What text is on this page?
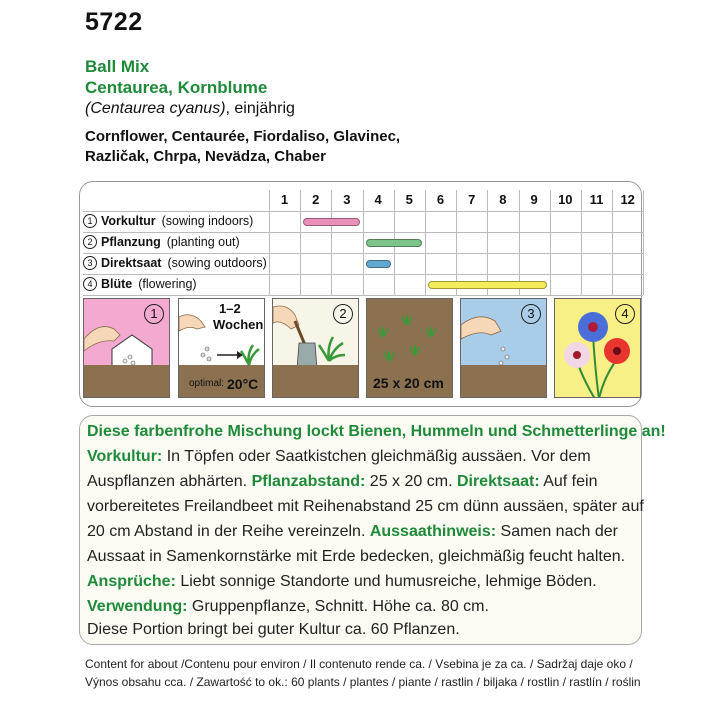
5722
Ball Mix
Centaurea, Kornblume
(Centaurea cyanus), einjährig
Cornflower, Centaurée, Fiordaliso, Glavinec,
Različak, Chrpa, Nevädza, Chaber
1	2	3	4	5	6	7	8	9	10	11	12
1 Vorkultur (sowing indoors)
2 Pflanzung (planting out)
3 Direktsaat (sowing outdoors)
4 Blüte (flowering)
1	1–2
Wochen
optimal: 20°C
2
25 x 20 cm
3	4
Diese farbenfrohe Mischung lockt Bienen, Hummeln und Schmetterlinge an!
Vorkultur: In Töpfen oder Saatkistchen gleichmäßig aussäen. Vor dem
Auspflanzen abhärten. Pflanzabstand: 25 x 20 cm. Direktsaat: Auf fein
vorbereitetes Freilandbeet mit Reihenabstand 25 cm dünn aussäen, später auf
20 cm Abstand in der Reihe vereinzeln. Aussaathinweis: Samen nach der
Aussaat in Samenkornstärke mit Erde bedecken, gleichmäßig feucht halten.
Ansprüche: Liebt sonnige Standorte und humusreiche, lehmige Böden.
Verwendung: Gruppenpflanze, Schnitt. Höhe ca. 80 cm.
Diese Portion bringt bei guter Kultur ca. 60 Pflanzen.
Content for about /Contenu pour environ / Il contenuto rende ca. / Vsebina je za ca. / Sadržaj daje oko /
Výnos obsahu cca. / Zawartość to ok.: 60 plants / plantes / piante / rastlin / biljaka / rostlin / rastlín / roślin
